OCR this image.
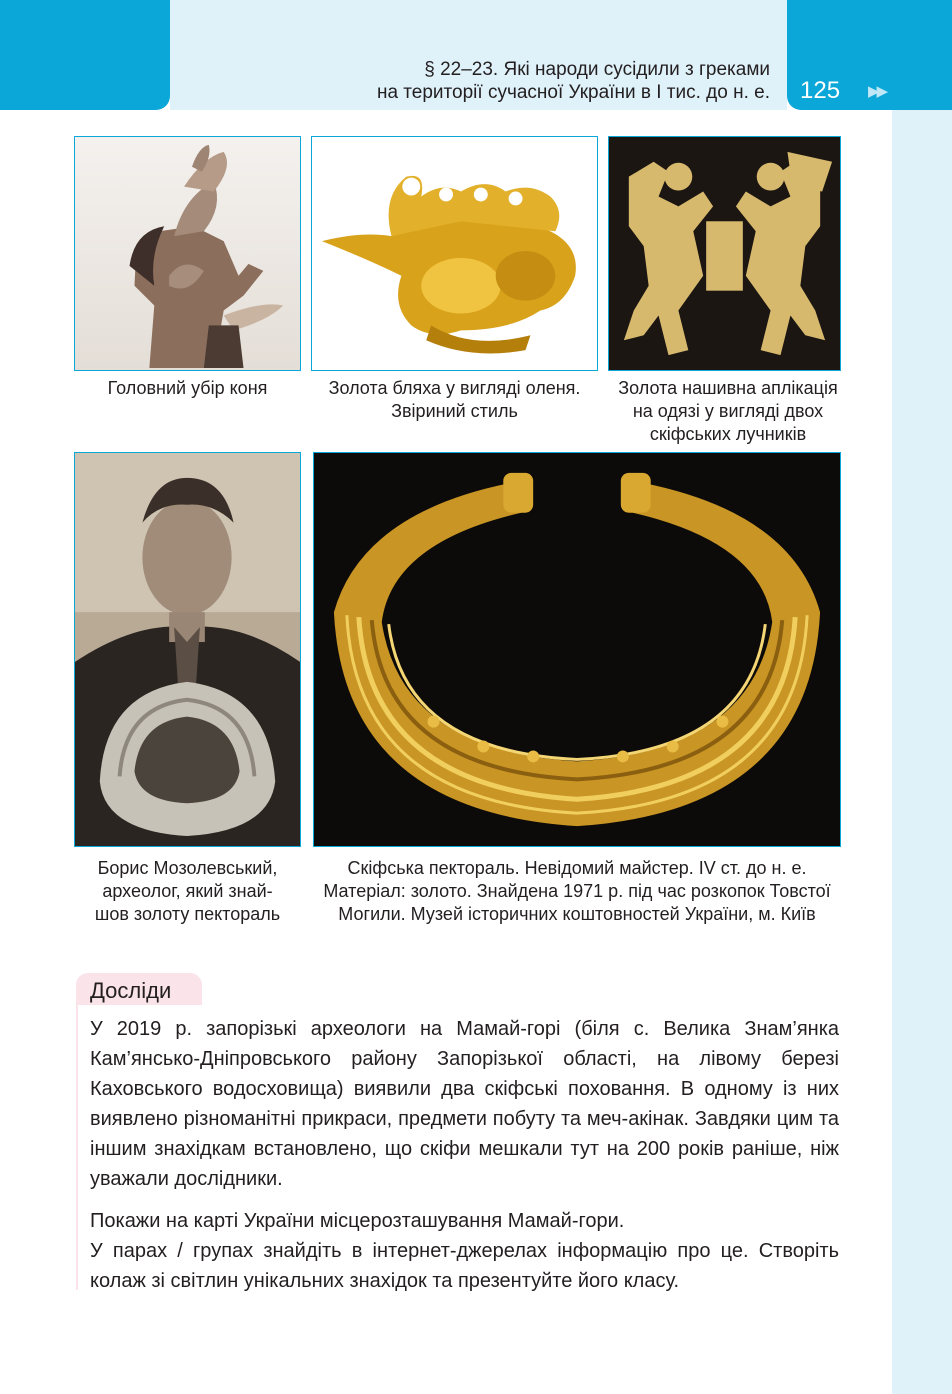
§ 22–23. Які народи сусідили з греками
на території сучасної України в І тис. до н. е. 125 ▶▶
Головний убір коня	Золота бляха у вигляді оленя.
Звіриний стиль
Золота нашивна аплікація
на одязі у вигляді двох
скіфських лучників
Борис Мозолевський,
археолог, який знай-
шов золоту пектораль
Скіфська пектораль. Невідомий майстер. IV ст. до н. е.
Матеріал: золото. Знайдена 1971 р. під час розкопок Товстої
Могили. Музей історичних коштовностей України, м. Київ
Досліди

У 2019 р. запорізькі археологи на Мамай-горі (біля с. Велика Знам’янка Кам’янсько-Дніпровського району Запорізької області, на лівому березі Каховського водосховища) виявили два скіфські поховання. В одному із них виявлено різноманітні прикраси, предмети побуту та меч-акінак. Завдяки цим та іншим знахідкам встановлено, що скіфи мешкали тут на 200 років раніше, ніж уважали дослідники.

Покажи на карті України місцерозташування Мамай-гори.

У парах / групах знайдіть в інтернет-джерелах інформацію про це. Створіть колаж зі світлин унікальних знахідок та презентуйте його класу.
